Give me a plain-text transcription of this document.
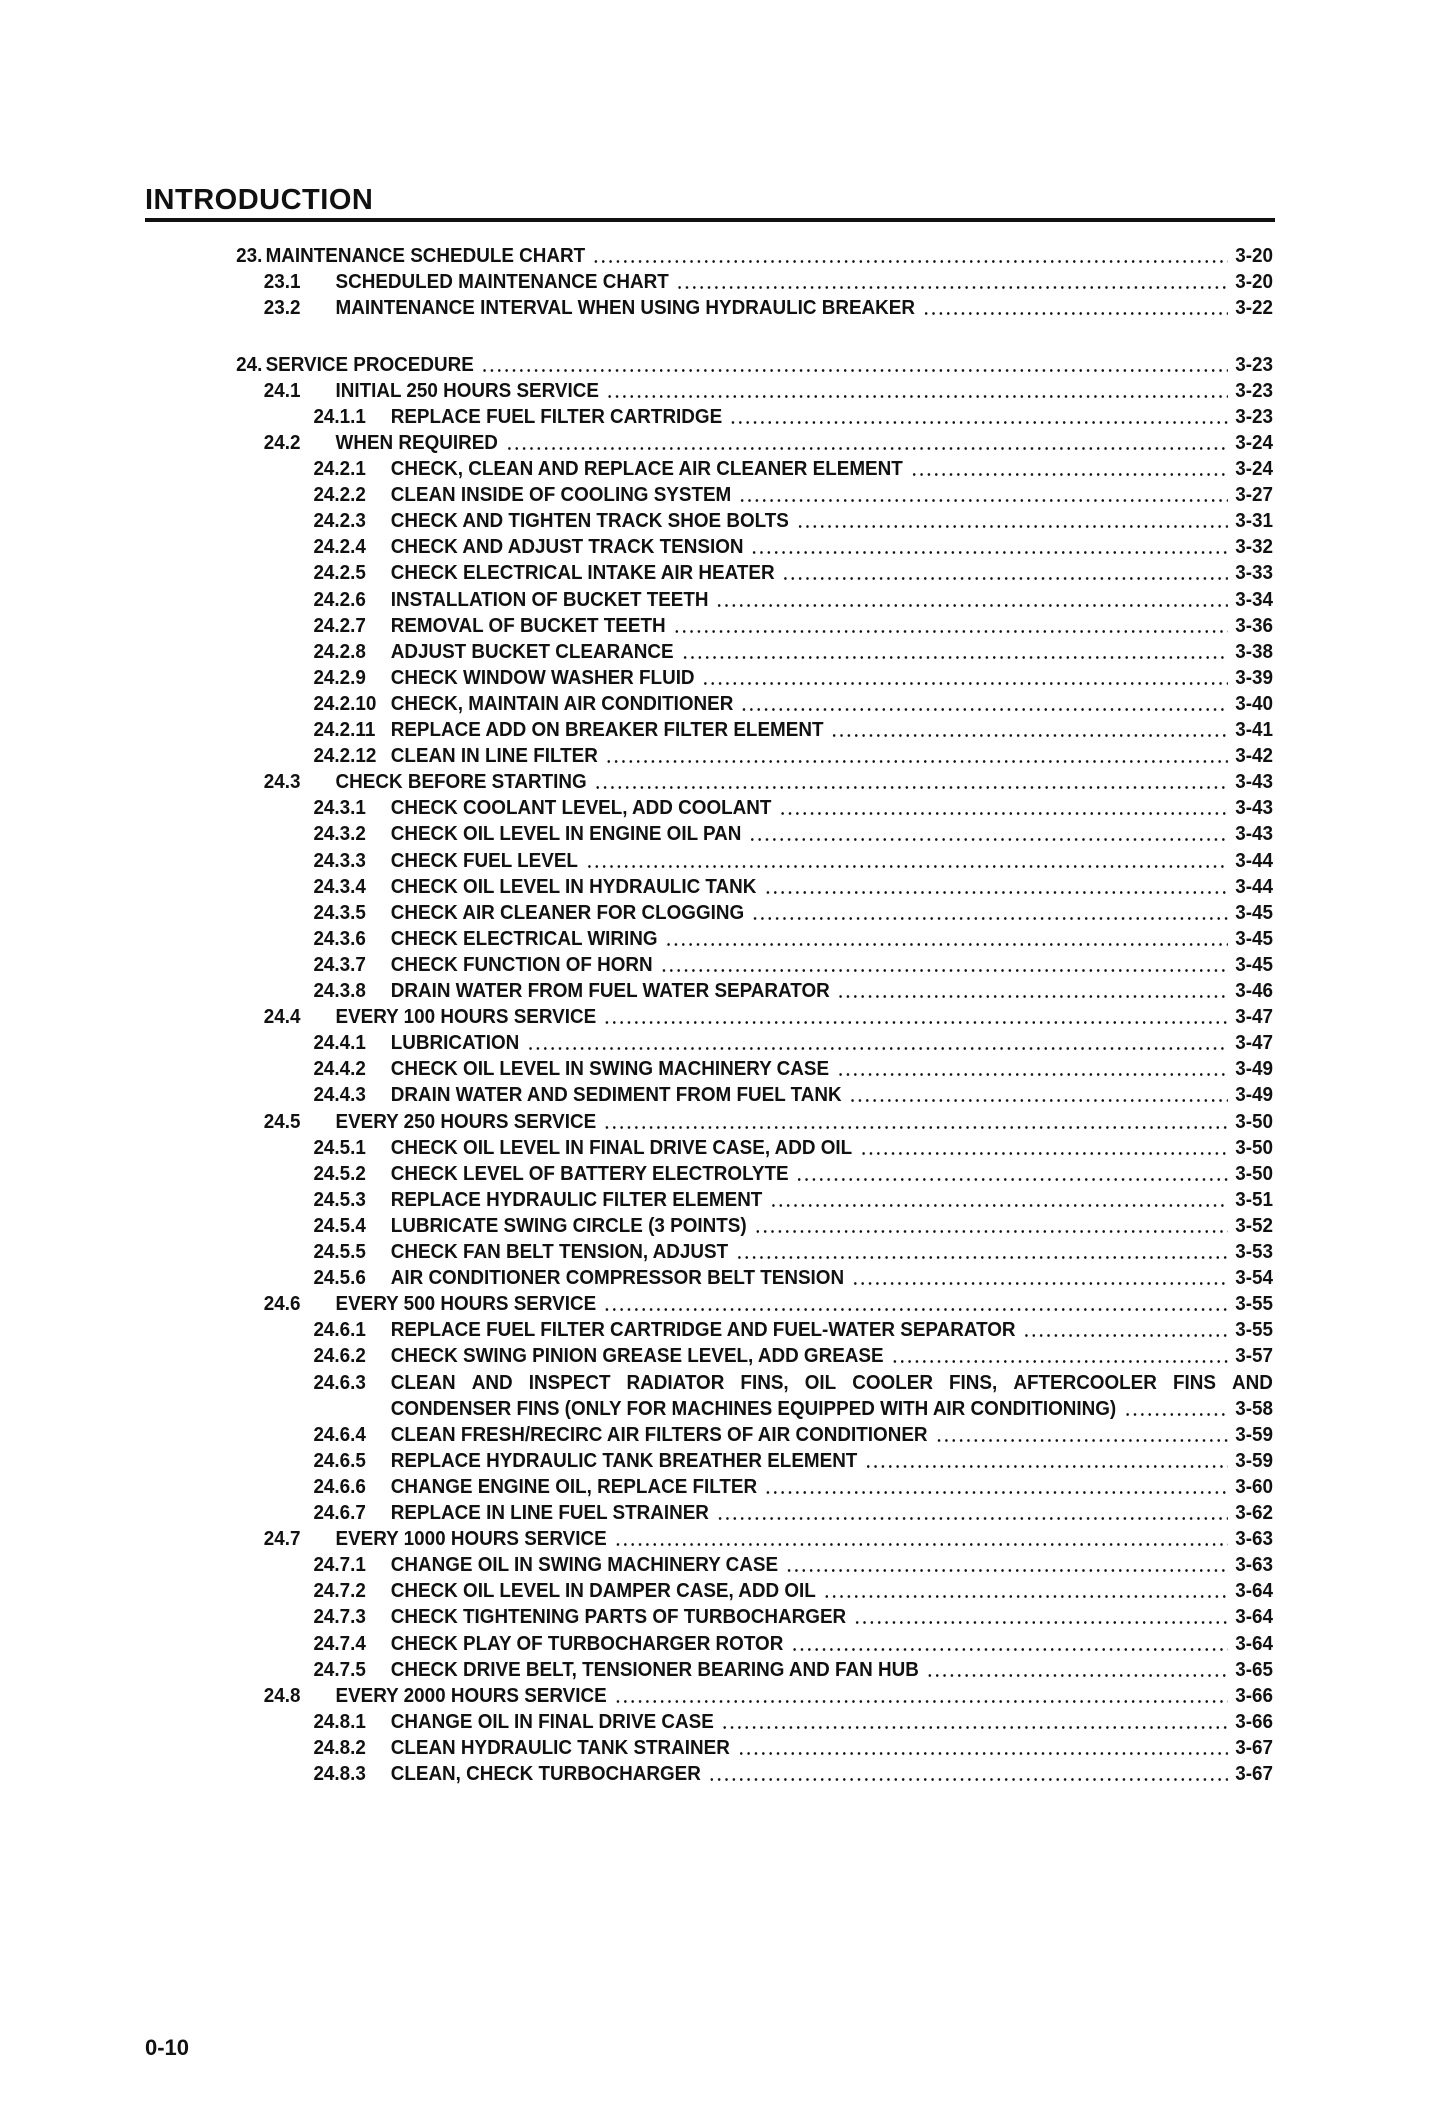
INTRODUCTION
23. MAINTENANCE SCHEDULE CHART	3-20
23.1	SCHEDULED MAINTENANCE CHART	3-20
23.2	MAINTENANCE INTERVAL WHEN USING HYDRAULIC BREAKER	3-22
24. SERVICE PROCEDURE	3-23
24.1	INITIAL 250 HOURS SERVICE	3-23
24.1.1	REPLACE FUEL FILTER CARTRIDGE	3-23
24.2	WHEN REQUIRED	3-24
24.2.1	CHECK, CLEAN AND REPLACE AIR CLEANER ELEMENT	3-24
24.2.2	CLEAN INSIDE OF COOLING SYSTEM	3-27
24.2.3	CHECK AND TIGHTEN TRACK SHOE BOLTS	3-31
24.2.4	CHECK AND ADJUST TRACK TENSION	3-32
24.2.5	CHECK ELECTRICAL INTAKE AIR HEATER	3-33
24.2.6	INSTALLATION OF BUCKET TEETH	3-34
24.2.7	REMOVAL OF BUCKET TEETH	3-36
24.2.8	ADJUST BUCKET CLEARANCE	3-38
24.2.9	CHECK WINDOW WASHER FLUID	3-39
24.2.10 CHECK, MAINTAIN AIR CONDITIONER	3-40
24.2.11 REPLACE ADD ON BREAKER FILTER ELEMENT	3-41
24.2.12 CLEAN IN LINE FILTER	3-42
24.3	CHECK BEFORE STARTING	3-43
24.3.1	CHECK COOLANT LEVEL, ADD COOLANT	3-43
24.3.2	CHECK OIL LEVEL IN ENGINE OIL PAN	3-43
24.3.3	CHECK FUEL LEVEL	3-44
24.3.4	CHECK OIL LEVEL IN HYDRAULIC TANK	3-44
24.3.5	CHECK AIR CLEANER FOR CLOGGING	3-45
24.3.6	CHECK ELECTRICAL WIRING	3-45
24.3.7	CHECK FUNCTION OF HORN	3-45
24.3.8	DRAIN WATER FROM FUEL WATER SEPARATOR	3-46
24.4	EVERY 100 HOURS SERVICE	3-47
24.4.1	LUBRICATION	3-47
24.4.2	CHECK OIL LEVEL IN SWING MACHINERY CASE	3-49
24.4.3	DRAIN WATER AND SEDIMENT FROM FUEL TANK	3-49
24.5	EVERY 250 HOURS SERVICE	3-50
24.5.1	CHECK OIL LEVEL IN FINAL DRIVE CASE, ADD OIL	3-50
24.5.2	CHECK LEVEL OF BATTERY ELECTROLYTE	3-50
24.5.3	REPLACE HYDRAULIC FILTER ELEMENT	3-51
24.5.4	LUBRICATE SWING CIRCLE (3 POINTS)	3-52
24.5.5	CHECK FAN BELT TENSION, ADJUST	3-53
24.5.6	AIR CONDITIONER COMPRESSOR BELT TENSION	3-54
24.6	EVERY 500 HOURS SERVICE	3-55
24.6.1	REPLACE FUEL FILTER CARTRIDGE AND FUEL-WATER SEPARATOR	3-55
24.6.2	CHECK SWING PINION GREASE LEVEL, ADD GREASE	3-57
24.6.3	CLEAN AND INSPECT RADIATOR FINS, OIL COOLER FINS, AFTERCOOLER FINS AND
CONDENSER FINS (ONLY FOR MACHINES EQUIPPED WITH AIR CONDITIONING)	3-58
24.6.4	CLEAN FRESH/RECIRC AIR FILTERS OF AIR CONDITIONER	3-59
24.6.5	REPLACE HYDRAULIC TANK BREATHER ELEMENT	3-59
24.6.6	CHANGE ENGINE OIL, REPLACE FILTER	3-60
24.6.7	REPLACE IN LINE FUEL STRAINER	3-62
24.7	EVERY 1000 HOURS SERVICE	3-63
24.7.1	CHANGE OIL IN SWING MACHINERY CASE	3-63
24.7.2	CHECK OIL LEVEL IN DAMPER CASE, ADD OIL	3-64
24.7.3	CHECK TIGHTENING PARTS OF TURBOCHARGER	3-64
24.7.4	CHECK PLAY OF TURBOCHARGER ROTOR	3-64
24.7.5	CHECK DRIVE BELT, TENSIONER BEARING AND FAN HUB	3-65
24.8	EVERY 2000 HOURS SERVICE	3-66
24.8.1	CHANGE OIL IN FINAL DRIVE CASE	3-66
24.8.2	CLEAN HYDRAULIC TANK STRAINER	3-67
24.8.3	CLEAN, CHECK TURBOCHARGER	3-67
0-10
